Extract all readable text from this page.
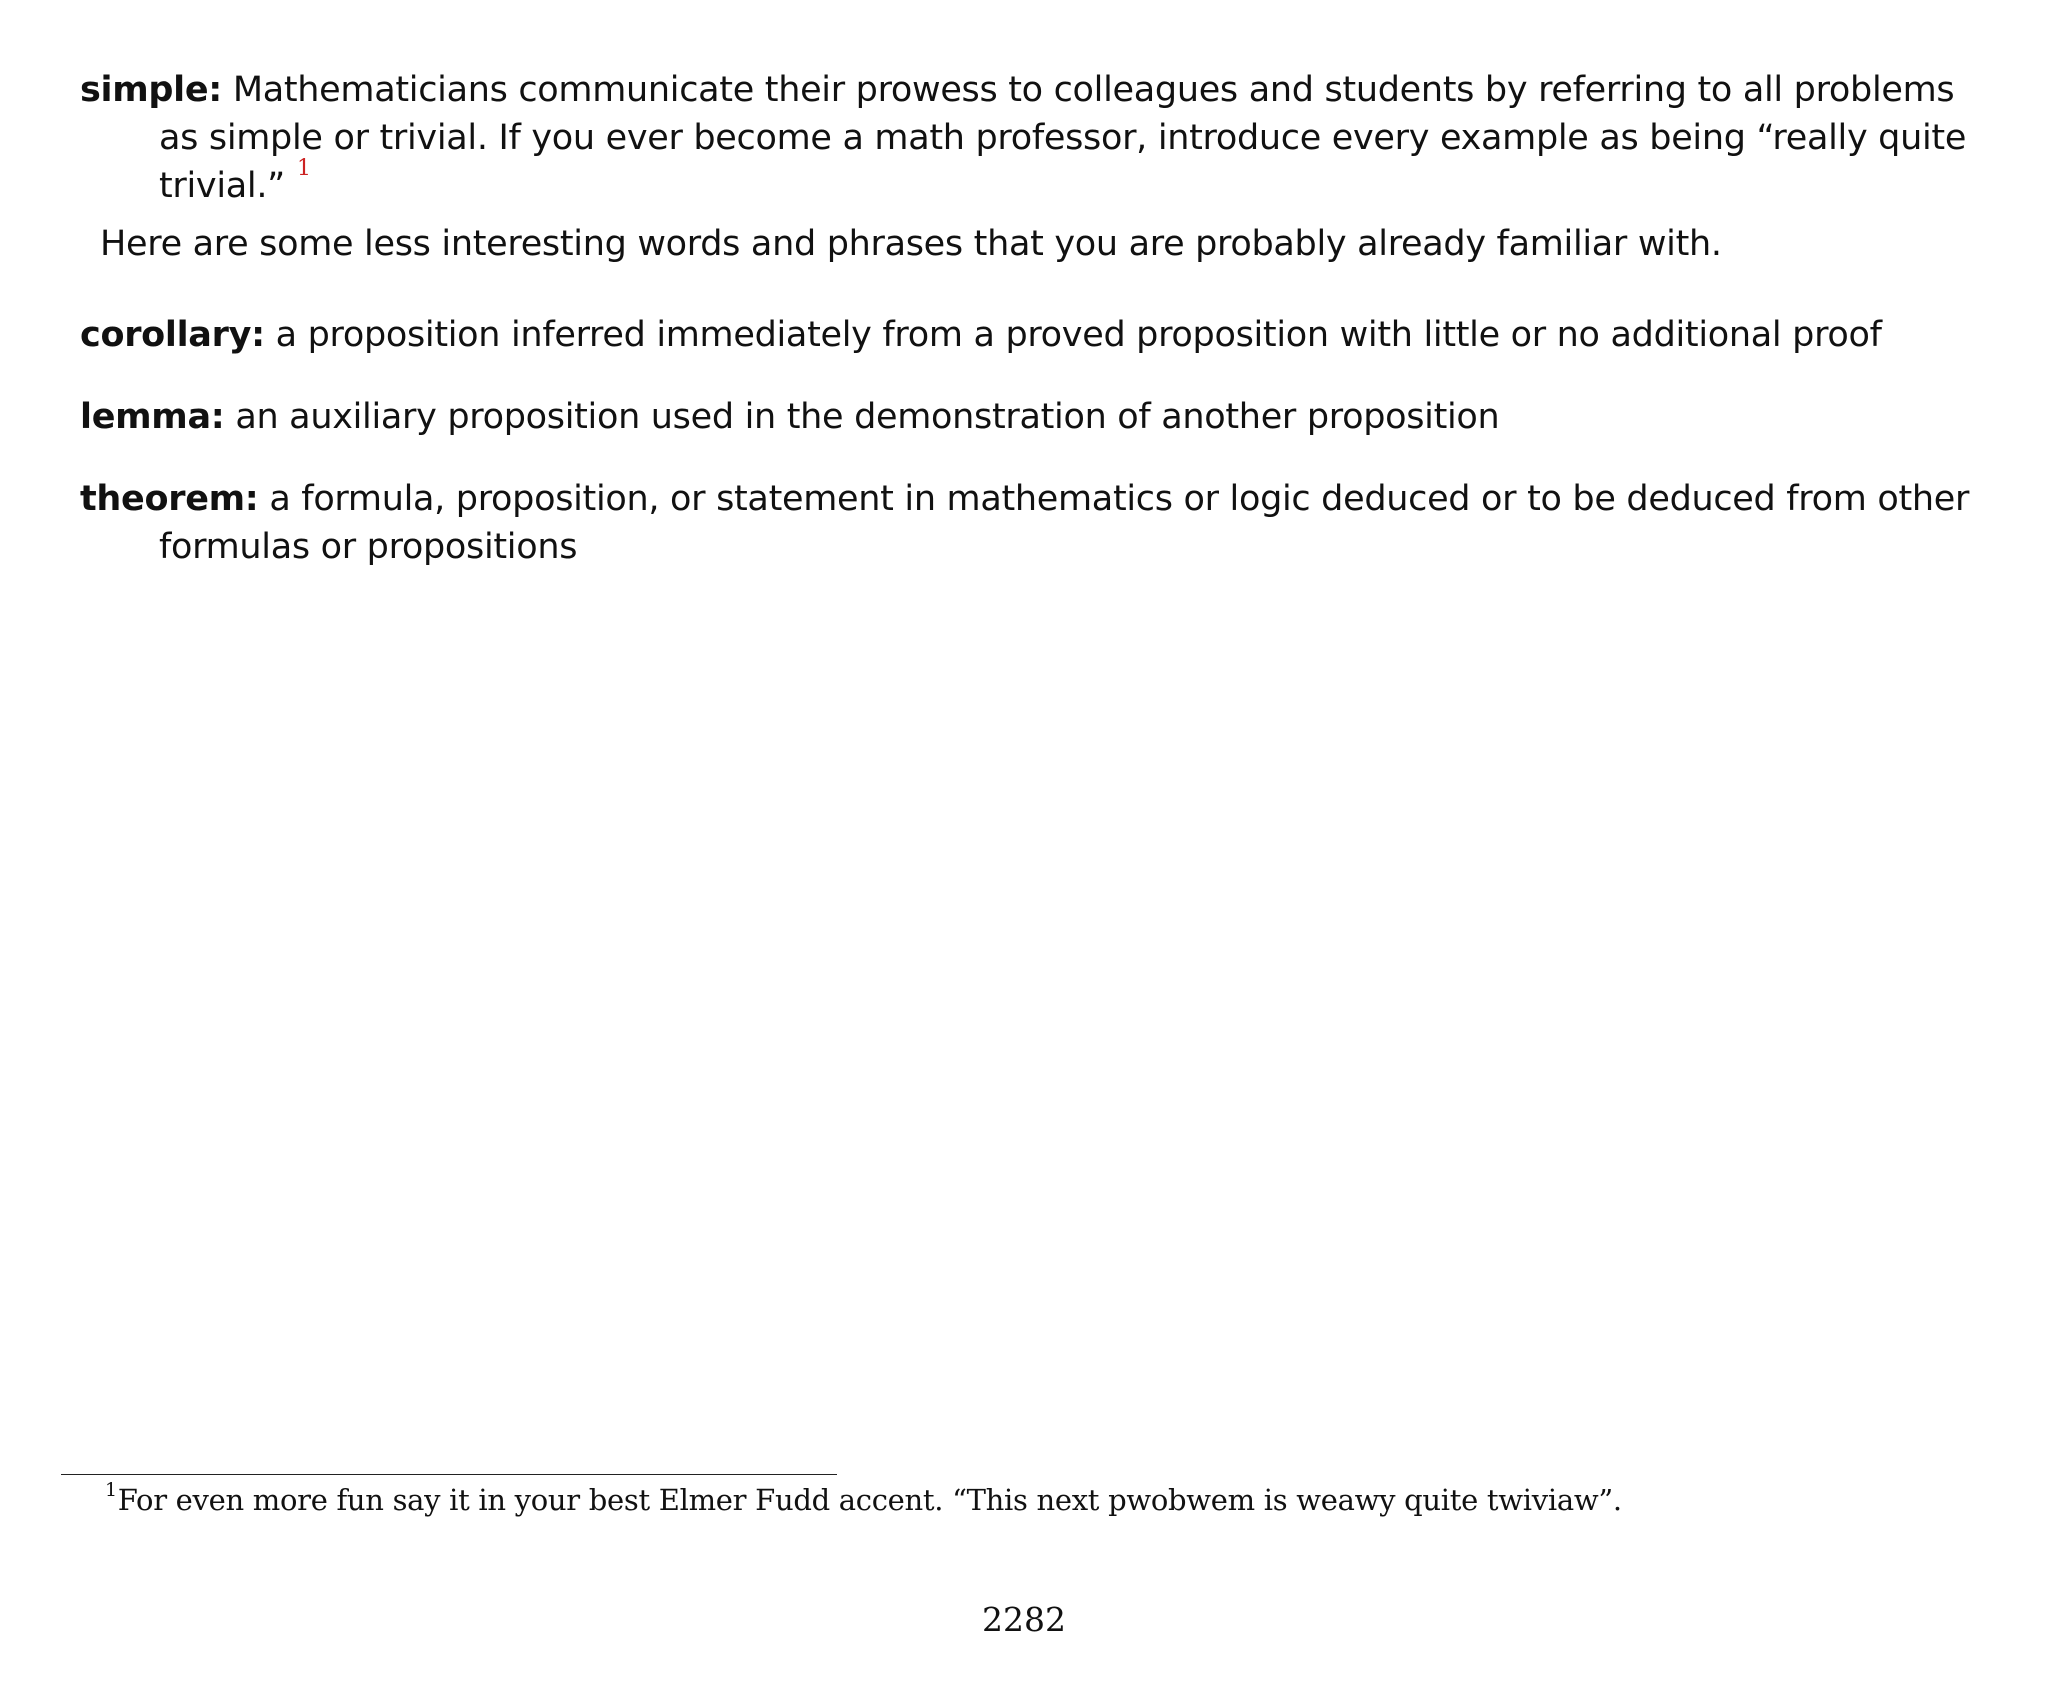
simple: Mathematicians communicate their prowess to colleagues and students by referring to all problems as simple or trivial. If you ever become a math professor, introduce every example as being “really quite trivial.” $^1$
Here are some less interesting words and phrases that you are probably already familiar with.
corollary: a proposition inferred immediately from a proved proposition with little or no additional proof
lemma: an auxiliary proposition used in the demonstration of another proposition
theorem: a formula, proposition, or statement in mathematics or logic deduced or to be deduced from other formulas or propositions
$^1$For even more fun say it in your best Elmer Fudd accent. “This next pwobwem is weawy quite twiviaw”.
2282
